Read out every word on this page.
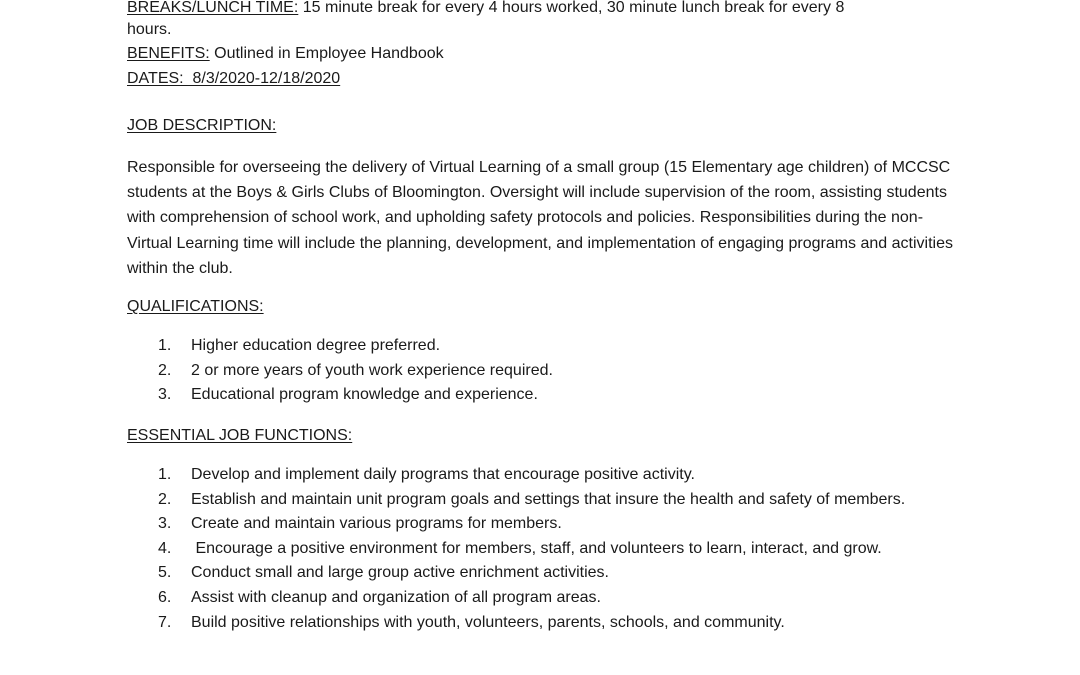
BREAKS/LUNCH TIME: 15 minute break for every 4 hours worked, 30 minute lunch break for every 8
hours.
BENEFITS: Outlined in Employee Handbook
DATES:  8/3/2020-12/18/2020
JOB DESCRIPTION:

Responsible for overseeing the delivery of Virtual Learning of a small group (15 Elementary age children) of MCCSC students at the Boys & Girls Clubs of Bloomington. Oversight will include supervision of the room, assisting students with comprehension of school work, and upholding safety protocols and policies. Responsibilities during the non-Virtual Learning time will include the planning, development, and implementation of engaging programs and activities within the club.

QUALIFICATIONS:
1. Higher education degree preferred.
2. 2 or more years of youth work experience required.
3. Educational program knowledge and experience.
ESSENTIAL JOB FUNCTIONS:
1. Develop and implement daily programs that encourage positive activity.
2. Establish and maintain unit program goals and settings that insure the health and safety of members.
3. Create and maintain various programs for members.
4. Encourage a positive environment for members, staff, and volunteers to learn, interact, and grow.
5. Conduct small and large group active enrichment activities.
6. Assist with cleanup and organization of all program areas.
7. Build positive relationships with youth, volunteers, parents, schools, and community.
